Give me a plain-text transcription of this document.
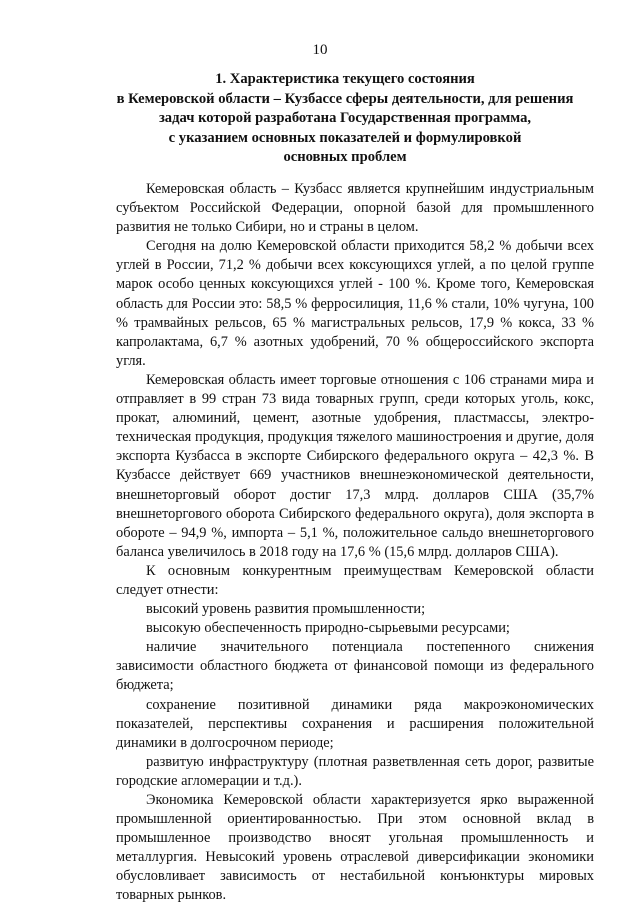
10
1. Характеристика текущего состояния
в Кемеровской области – Кузбассе сферы деятельности, для решения
задач которой разработана Государственная программа,
с указанием основных показателей и формулировкой
основных проблем

Кемеровская область – Кузбасс является крупнейшим индустриальным субъектом Российской Федерации, опорной базой для промышленного развития не только Сибири, но и страны в целом.

Сегодня на долю Кемеровской области приходится 58,2 % добычи всех углей в России, 71,2 % добычи всех коксующихся углей, а по целой группе марок особо ценных коксующихся углей - 100 %. Кроме того, Кемеровская область для России это: 58,5 % ферросилиция, 11,6 % стали, 10% чугуна, 100 % трамвайных рельсов, 65 % магистральных рельсов, 17,9 % кокса, 33 % капролактама, 6,7 % азотных удобрений, 70 % общероссийского экспорта угля.

Кемеровская область имеет торговые отношения с 106 странами мира и отправляет в 99 стран 73 вида товарных групп, среди которых уголь, кокс, прокат, алюминий, цемент, азотные удобрения, пластмассы, электро-техническая продукция, продукция тяжелого машиностроения и другие, доля экспорта Кузбасса в экспорте Сибирского федерального округа – 42,3 %. В Кузбассе действует 669 участников внешнеэкономической деятельности, внешнеторговый оборот достиг 17,3 млрд. долларов США (35,7% внешнеторгового оборота Сибирского федерального округа), доля экспорта в обороте – 94,9 %, импорта – 5,1 %, положительное сальдо внешнеторгового баланса увеличилось в 2018 году на 17,6 % (15,6 млрд. долларов США).

К основным конкурентным преимуществам Кемеровской области следует отнести:

высокий уровень развития промышленности;

высокую обеспеченность природно-сырьевыми ресурсами;

наличие значительного потенциала постепенного снижения зависимости областного бюджета от финансовой помощи из федерального бюджета;

сохранение позитивной динамики ряда макроэкономических показателей, перспективы сохранения и расширения положительной динамики в долгосрочном периоде;

развитую инфраструктуру (плотная разветвленная сеть дорог, развитые городские агломерации и т.д.).

Экономика Кемеровской области характеризуется ярко выраженной промышленной ориентированностью. При этом основной вклад в промышленное производство вносят угольная промышленность и металлургия. Невысокий уровень отраслевой диверсификации экономики обусловливает зависимость от нестабильной конъюнктуры мировых товарных рынков.
